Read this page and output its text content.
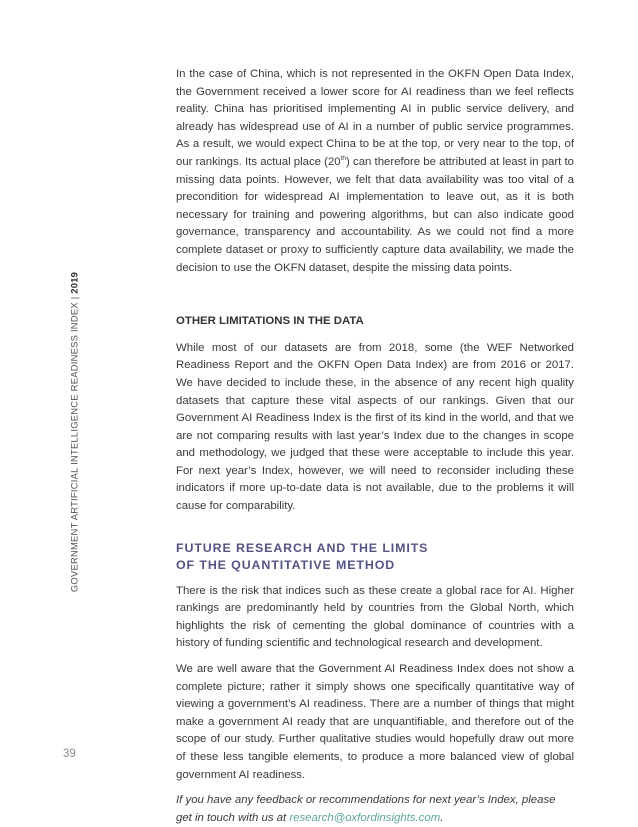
GOVERNMENT ARTIFICIAL INTELLIGENCE READINESS INDEX | 2019
39

In the case of China, which is not represented in the OKFN Open Data Index, the Government received a lower score for AI readiness than we feel reflects reality. China has prioritised implementing AI in public service delivery, and already has widespread use of AI in a number of public service programmes. As a result, we would expect China to be at the top, or very near to the top, of our rankings. Its actual place (20th) can therefore be attributed at least in part to missing data points. However, we felt that data availability was too vital of a precondition for widespread AI implementation to leave out, as it is both necessary for training and powering algorithms, but can also indicate good governance, transparency and accountability. As we could not find a more complete dataset or proxy to sufficiently capture data availability, we made the decision to use the OKFN dataset, despite the missing data points.

OTHER LIMITATIONS IN THE DATA

While most of our datasets are from 2018, some (the WEF Networked Readiness Report and the OKFN Open Data Index) are from 2016 or 2017. We have decided to include these, in the absence of any recent high quality datasets that capture these vital aspects of our rankings. Given that our Government AI Readiness Index is the first of its kind in the world, and that we are not comparing results with last year’s Index due to the changes in scope and methodology, we judged that these were acceptable to include this year. For next year’s Index, however, we will need to reconsider including these indicators if more up-to-date data is not available, due to the problems it will cause for comparability.

FUTURE RESEARCH AND THE LIMITS
OF THE QUANTITATIVE METHOD

There is the risk that indices such as these create a global race for AI. Higher rankings are predominantly held by countries from the Global North, which highlights the risk of cementing the global dominance of countries with a history of funding scientific and technological research and development.

We are well aware that the Government AI Readiness Index does not show a complete picture; rather it simply shows one specifically quantitative way of viewing a government’s AI readiness. There are a number of things that might make a government AI ready that are unquantifiable, and therefore out of the scope of our study. Further qualitative studies would hopefully draw out more of these less tangible elements, to produce a more balanced view of global government AI readiness.

If you have any feedback or recommendations for next year’s Index, please get in touch with us at research@oxfordinsights.com.
